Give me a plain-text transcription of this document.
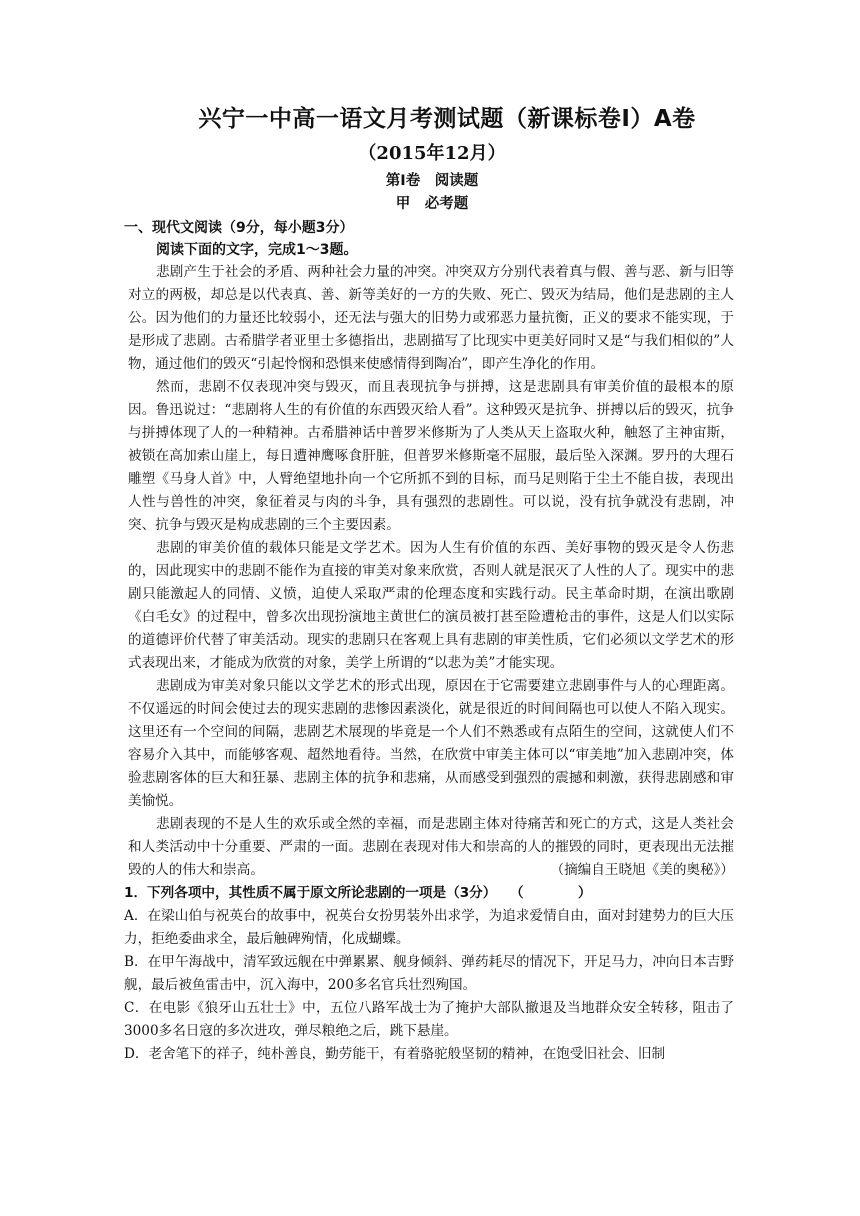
兴宁一中高一语文月考测试题（新课标卷Ⅰ）A卷
（2015年12月）
第Ⅰ卷　阅读题
甲　必考题
一、现代文阅读（9分，每小题3分）
阅读下面的文字，完成1～3题。

悲剧产生于社会的矛盾、两种社会力量的冲突。冲突双方分别代表着真与假、善与恶、新与旧等对立的两极，却总是以代表真、善、新等美好的一方的失败、死亡、毁灭为结局，他们是悲剧的主人公。因为他们的力量还比较弱小，还无法与强大的旧势力或邪恶力量抗衡，正义的要求不能实现，于是形成了悲剧。古希腊学者亚里士多德指出，悲剧描写了比现实中更美好同时又是“与我们相似的”人物，通过他们的毁灭“引起怜悯和恐惧来使感情得到陶冶”，即产生净化的作用。

然而，悲剧不仅表现冲突与毁灭，而且表现抗争与拼搏，这是悲剧具有审美价值的最根本的原因。鲁迅说过：“悲剧将人生的有价值的东西毁灭给人看”。这种毁灭是抗争、拼搏以后的毁灭，抗争与拼搏体现了人的一种精神。古希腊神话中普罗米修斯为了人类从天上盗取火种，触怒了主神宙斯，被锁在高加索山崖上，每日遭神鹰啄食肝脏，但普罗米修斯毫不屈服，最后坠入深渊。罗丹的大理石雕塑《马身人首》中，人臂绝望地扑向一个它所抓不到的目标，而马足则陷于尘土不能自拔，表现出人性与兽性的冲突，象征着灵与肉的斗争，具有强烈的悲剧性。可以说，没有抗争就没有悲剧，冲突、抗争与毁灭是构成悲剧的三个主要因素。

悲剧的审美价值的载体只能是文学艺术。因为人生有价值的东西、美好事物的毁灭是令人伤悲的，因此现实中的悲剧不能作为直接的审美对象来欣赏，否则人就是泯灭了人性的人了。现实中的悲剧只能激起人的同情、义愤，迫使人采取严肃的伦理态度和实践行动。民主革命时期，在演出歌剧《白毛女》的过程中，曾多次出现扮演地主黄世仁的演员被打甚至险遭枪击的事件，这是人们以实际的道德评价代替了审美活动。现实的悲剧只在客观上具有悲剧的审美性质，它们必须以文学艺术的形式表现出来，才能成为欣赏的对象，美学上所谓的“以悲为美”才能实现。

悲剧成为审美对象只能以文学艺术的形式出现，原因在于它需要建立悲剧事件与人的心理距离。不仅遥远的时间会使过去的现实悲剧的悲惨因素淡化，就是很近的时间间隔也可以使人不陷入现实。这里还有一个空间的间隔，悲剧艺术展现的毕竟是一个人们不熟悉或有点陌生的空间，这就使人们不容易介入其中，而能够客观、超然地看待。当然，在欣赏中审美主体可以“审美地”加入悲剧冲突，体验悲剧客体的巨大和狂暴、悲剧主体的抗争和悲痛，从而感受到强烈的震撼和刺激，获得悲剧感和审美愉悦。

悲剧表现的不是人生的欢乐或全然的幸福，而是悲剧主体对待痛苦和死亡的方式，这是人类社会和人类活动中十分重要、严肃的一面。悲剧在表现对伟大和崇高的人的摧毁的同时，更表现出无法摧毁的人的伟大和崇高。	（摘编自王晓旭《美的奥秘》）

1．下列各项中，其性质不属于原文所论悲剧的一项是（3分）　　（　　　　）
A．在梁山伯与祝英台的故事中，祝英台女扮男装外出求学，为追求爱情自由，面对封建势力的巨大压力，拒绝委曲求全，最后触碑殉情，化成蝴蝶。
B．在甲午海战中，清军致远舰在中弹累累、舰身倾斜、弹药耗尽的情况下，开足马力，冲向日本吉野舰，最后被鱼雷击中，沉入海中，200多名官兵壮烈殉国。
C．在电影《狼牙山五壮士》中，五位八路军战士为了掩护大部队撤退及当地群众安全转移，阻击了3000多名日寇的多次进攻，弹尽粮绝之后，跳下悬崖。
D．老舍笔下的祥子，纯朴善良，勤劳能干，有着骆驼般坚韧的精神，在饱受旧社会、旧制
